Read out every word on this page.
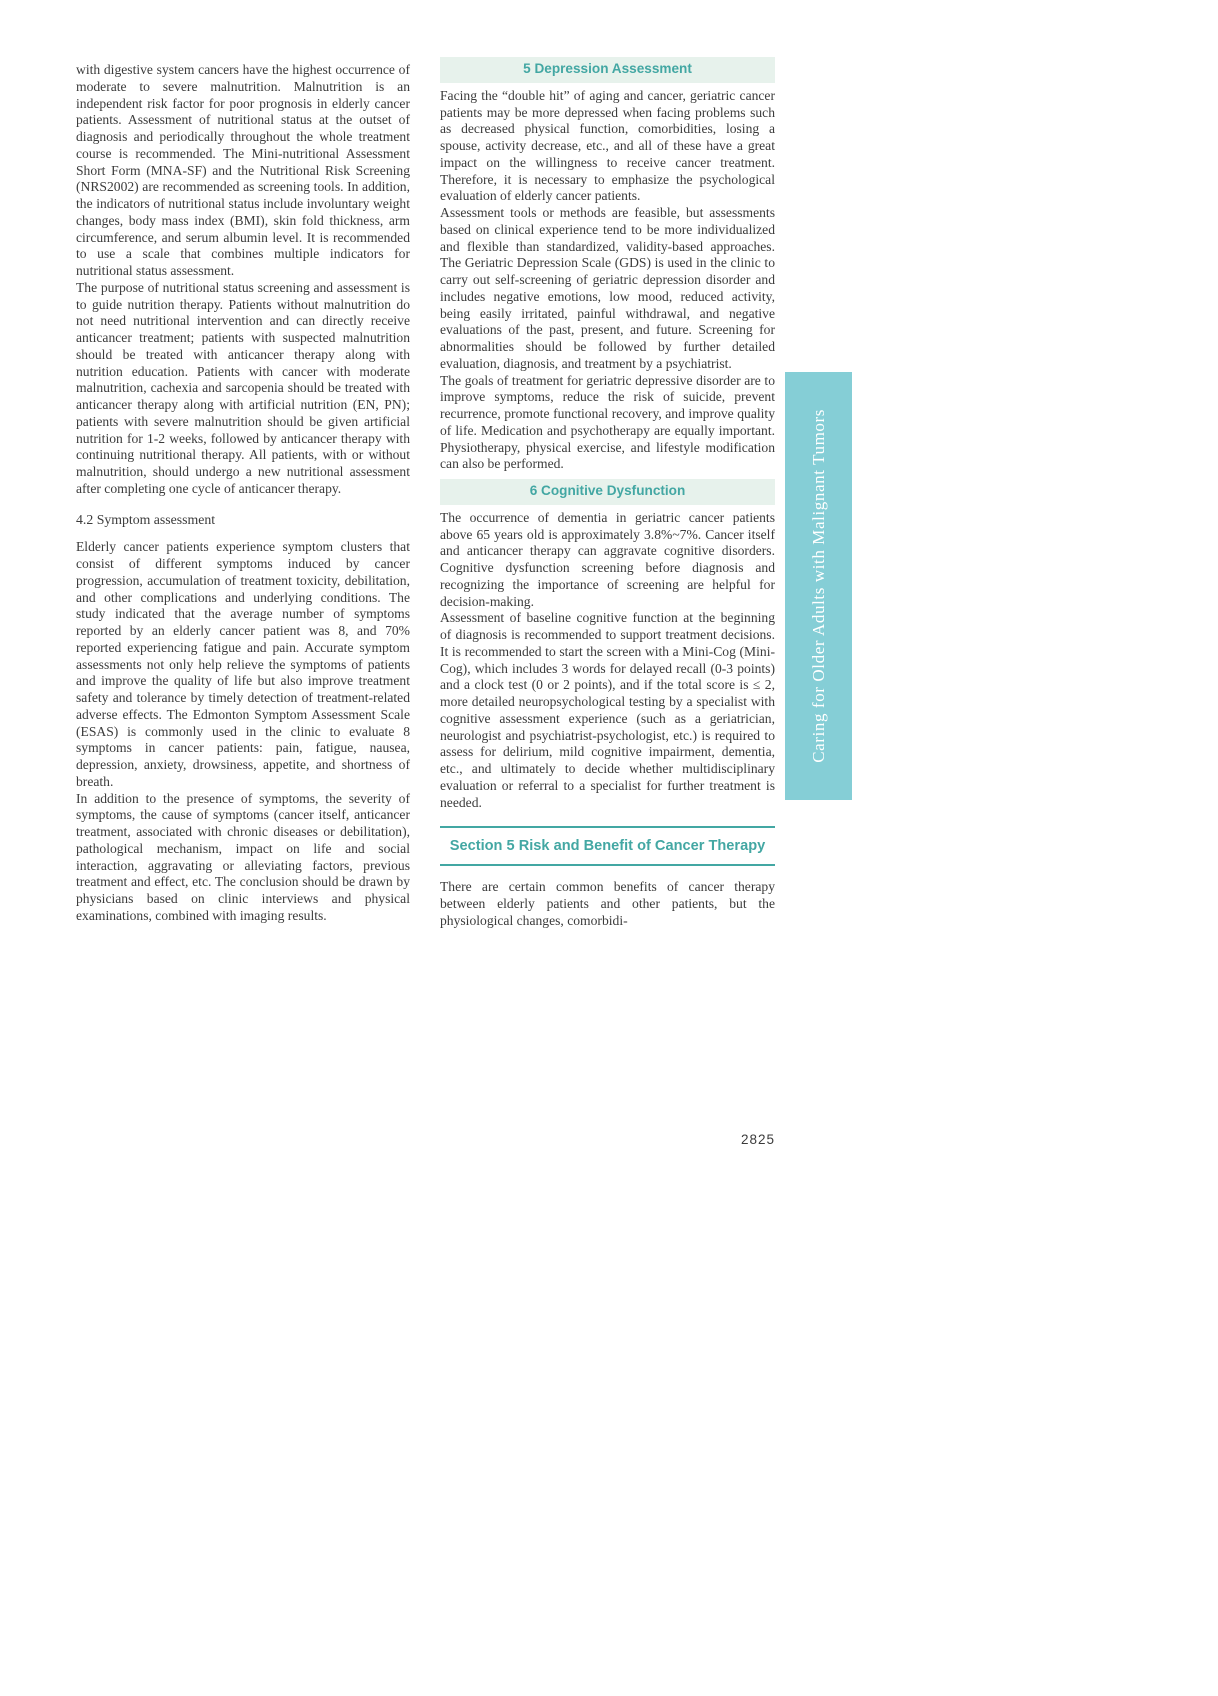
with digestive system cancers have the highest occurrence of moderate to severe malnutrition. Malnutrition is an independent risk factor for poor prognosis in elderly cancer patients. Assessment of nutritional status at the outset of diagnosis and periodically throughout the whole treatment course is recommended. The Mini-nutritional Assessment Short Form (MNA-SF) and the Nutritional Risk Screening (NRS2002) are recommended as screening tools. In addition, the indicators of nutritional status include involuntary weight changes, body mass index (BMI), skin fold thickness, arm circumference, and serum albumin level. It is recommended to use a scale that combines multiple indicators for nutritional status assessment.

The purpose of nutritional status screening and assessment is to guide nutrition therapy. Patients without malnutrition do not need nutritional intervention and can directly receive anticancer treatment; patients with suspected malnutrition should be treated with anticancer therapy along with nutrition education. Patients with cancer with moderate malnutrition, cachexia and sarcopenia should be treated with anticancer therapy along with artificial nutrition (EN, PN); patients with severe malnutrition should be given artificial nutrition for 1-2 weeks, followed by anticancer therapy with continuing nutritional therapy. All patients, with or without malnutrition, should undergo a new nutritional assessment after completing one cycle of anticancer therapy.

4.2 Symptom assessment

Elderly cancer patients experience symptom clusters that consist of different symptoms induced by cancer progression, accumulation of treatment toxicity, debilitation, and other complications and underlying conditions. The study indicated that the average number of symptoms reported by an elderly cancer patient was 8, and 70% reported experiencing fatigue and pain. Accurate symptom assessments not only help relieve the symptoms of patients and improve the quality of life but also improve treatment safety and tolerance by timely detection of treatment-related adverse effects. The Edmonton Symptom Assessment Scale (ESAS) is commonly used in the clinic to evaluate 8 symptoms in cancer patients: pain, fatigue, nausea, depression, anxiety, drowsiness, appetite, and shortness of breath.

In addition to the presence of symptoms, the severity of symptoms, the cause of symptoms (cancer itself, anticancer treatment, associated with chronic diseases or debilitation), pathological mechanism, impact on life and social interaction, aggravating or alleviating factors, previous treatment and effect, etc. The conclusion should be drawn by physicians based on clinic interviews and physical examinations, combined with imaging results.

5 Depression Assessment

Facing the “double hit” of aging and cancer, geriatric cancer patients may be more depressed when facing problems such as decreased physical function, comorbidities, losing a spouse, activity decrease, etc., and all of these have a great impact on the willingness to receive cancer treatment. Therefore, it is necessary to emphasize the psychological evaluation of elderly cancer patients.

Assessment tools or methods are feasible, but assessments based on clinical experience tend to be more individualized and flexible than standardized, validity-based approaches. The Geriatric Depression Scale (GDS) is used in the clinic to carry out self-screening of geriatric depression disorder and includes negative emotions, low mood, reduced activity, being easily irritated, painful withdrawal, and negative evaluations of the past, present, and future. Screening for abnormalities should be followed by further detailed evaluation, diagnosis, and treatment by a psychiatrist.

The goals of treatment for geriatric depressive disorder are to improve symptoms, reduce the risk of suicide, prevent recurrence, promote functional recovery, and improve quality of life. Medication and psychotherapy are equally important. Physiotherapy, physical exercise, and lifestyle modification can also be performed.

6 Cognitive Dysfunction

The occurrence of dementia in geriatric cancer patients above 65 years old is approximately 3.8%~7%. Cancer itself and anticancer therapy can aggravate cognitive disorders. Cognitive dysfunction screening before diagnosis and recognizing the importance of screening are helpful for decision-making.

Assessment of baseline cognitive function at the beginning of diagnosis is recommended to support treatment decisions. It is recommended to start the screen with a Mini-Cog (Mini-Cog), which includes 3 words for delayed recall (0-3 points) and a clock test (0 or 2 points), and if the total score is ≤ 2, more detailed neuropsychological testing by a specialist with cognitive assessment experience (such as a geriatrician, neurologist and psychiatrist-psychologist, etc.) is required to assess for delirium, mild cognitive impairment, dementia, etc., and ultimately to decide whether multidisciplinary evaluation or referral to a specialist for further treatment is needed.

Section 5 Risk and Benefit of Cancer Therapy

There are certain common benefits of cancer therapy between elderly patients and other patients, but the physiological changes, comorbidi-

Caring for Older Adults with Malignant Tumors
2825
